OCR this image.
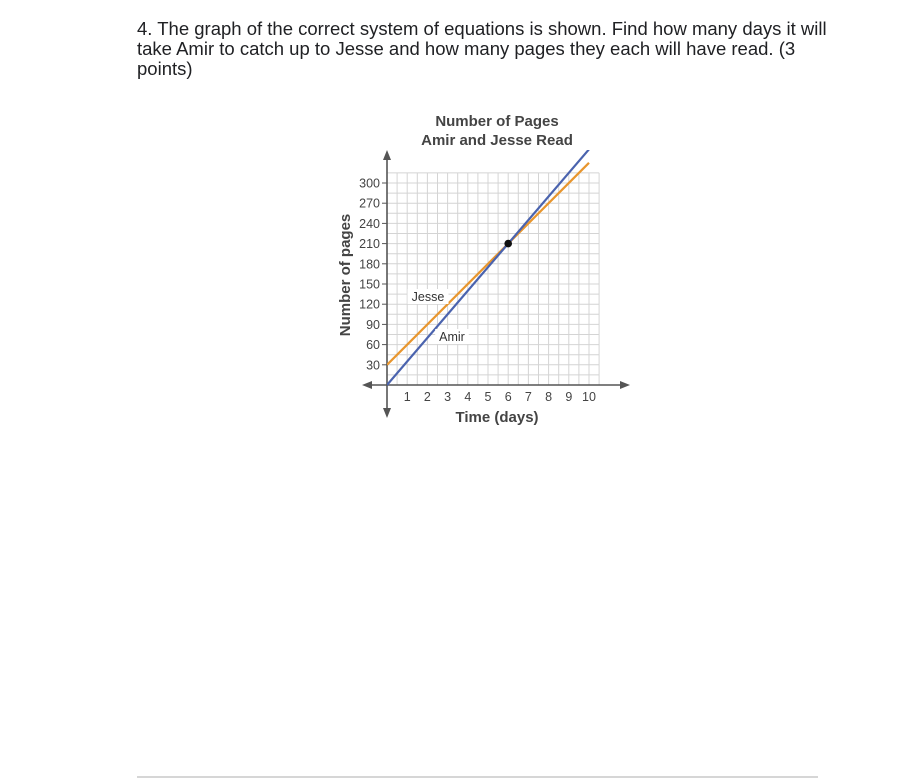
4. The graph of the correct system of equations is shown. Find how many days it will
take Amir to catch up to Jesse and how many pages they each will have read. (3
points)
Number of Pages
Amir and Jesse Read
30
60
90
120
150
180
210
240
270
300
1 2 3 4 5 6 7 8 9 10
Jesse
Amir
Time (days)
Number of pages
